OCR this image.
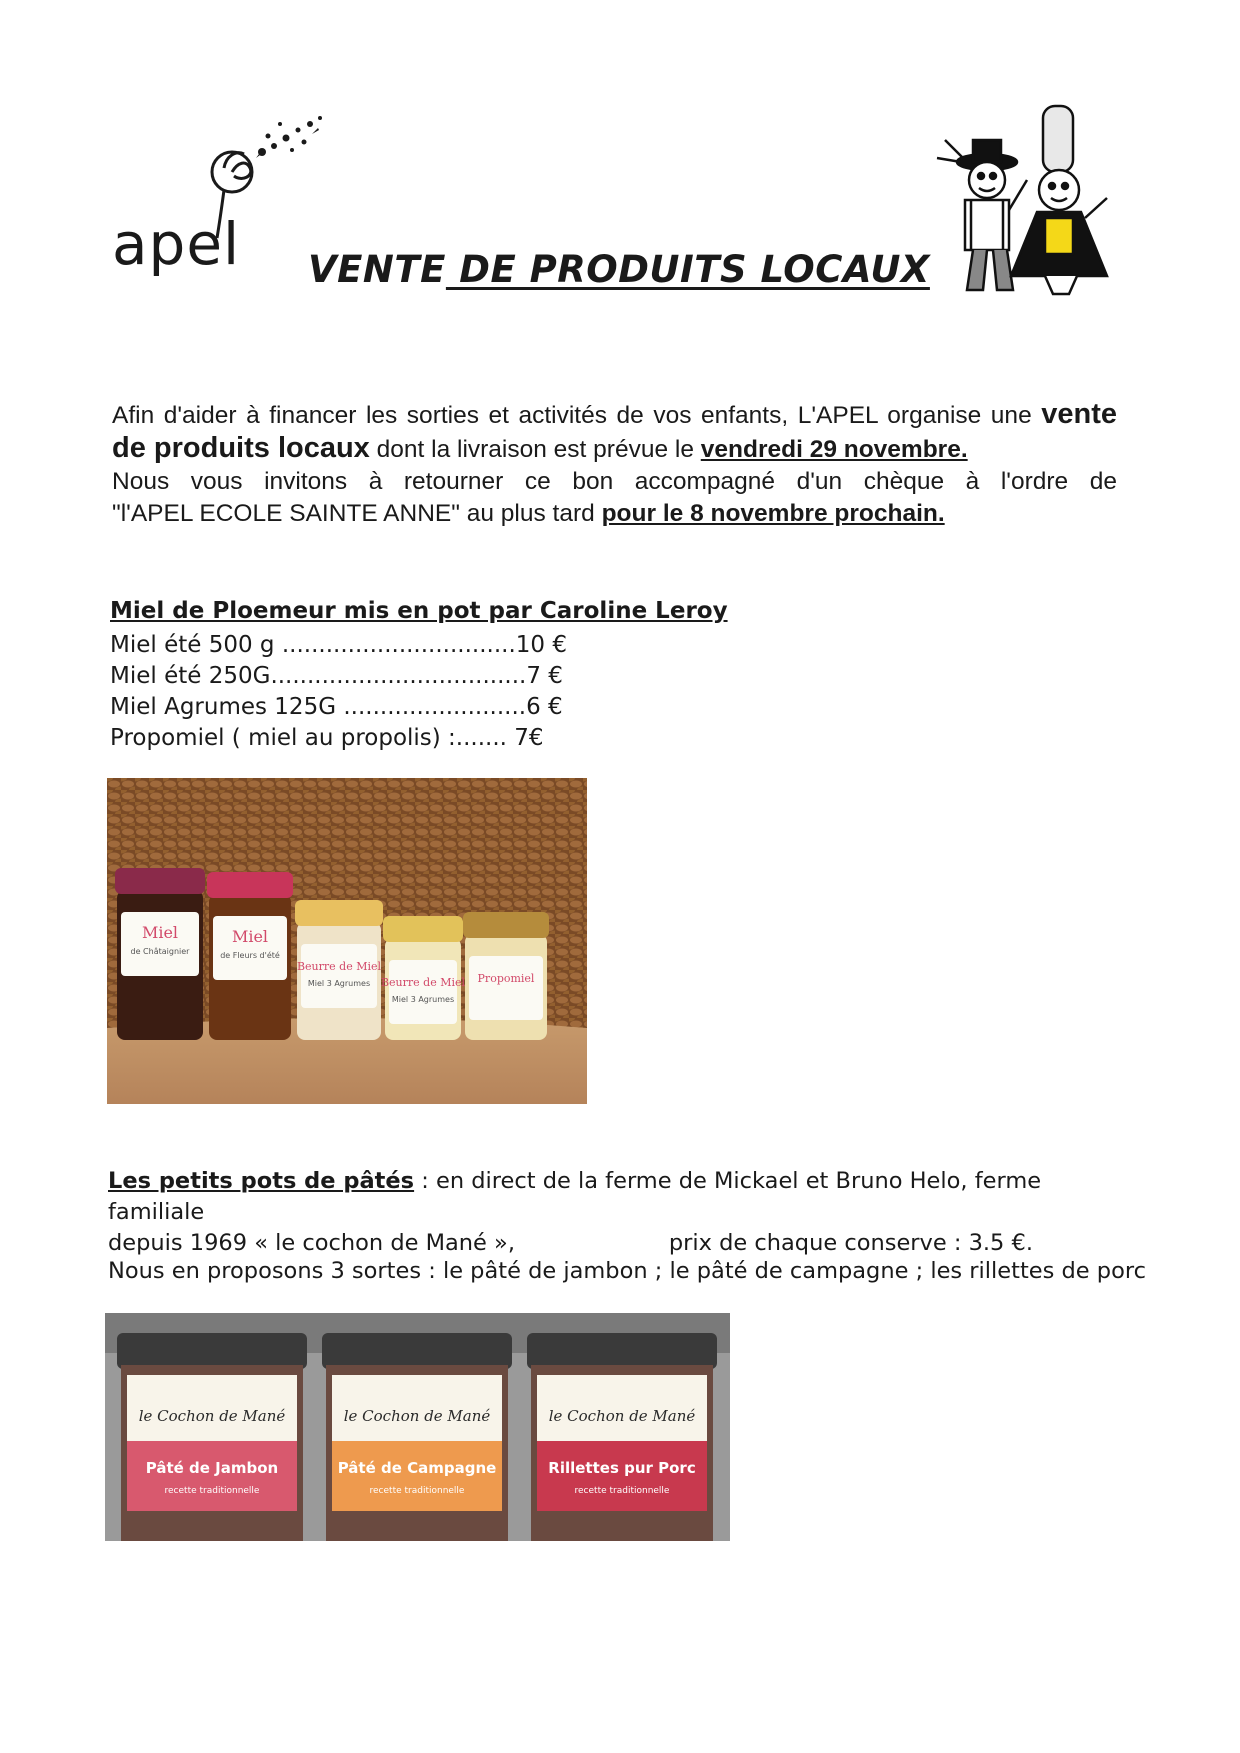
apel VENTE DE PRODUITS LOCAUX

Afin d'aider à financer les sorties et activités de vos enfants, L'APEL organise une vente

de produits locaux dont la livraison est prévue le vendredi 29 novembre.

Nous vous invitons à retourner ce bon accompagné d'un chèque à l'ordre de

"l'APEL ECOLE SAINTE ANNE" au plus tard pour le 8 novembre prochain.

Miel de Ploemeur mis en pot par Caroline Leroy
Miel été 500 g ................................10 €
Miel été 250G...................................7 €
Miel Agrumes 125G .........................6 €
Propomiel ( miel au propolis) :....... 7€
Miel
de Châtaignier
Miel
de Fleurs d'été
Beurre de Miel
Miel 3 Agrumes Beurre de Miel
Miel 3 Agrumes
Propomiel
Les petits pots de pâtés : en direct de la ferme de Mickael et Bruno Helo, ferme familiale
depuis 1969 « le cochon de Mané »,	prix de chaque conserve : 3.5 €.
Nous en proposons 3 sortes : le pâté de jambon ; le pâté de campagne ; les rillettes de porc
le Cochon de Mané
Pâté de Jambon
recette traditionnelle
le Cochon de Mané
Pâté de Campagne
recette traditionnelle
le Cochon de Mané
Rillettes pur Porc
recette traditionnelle
